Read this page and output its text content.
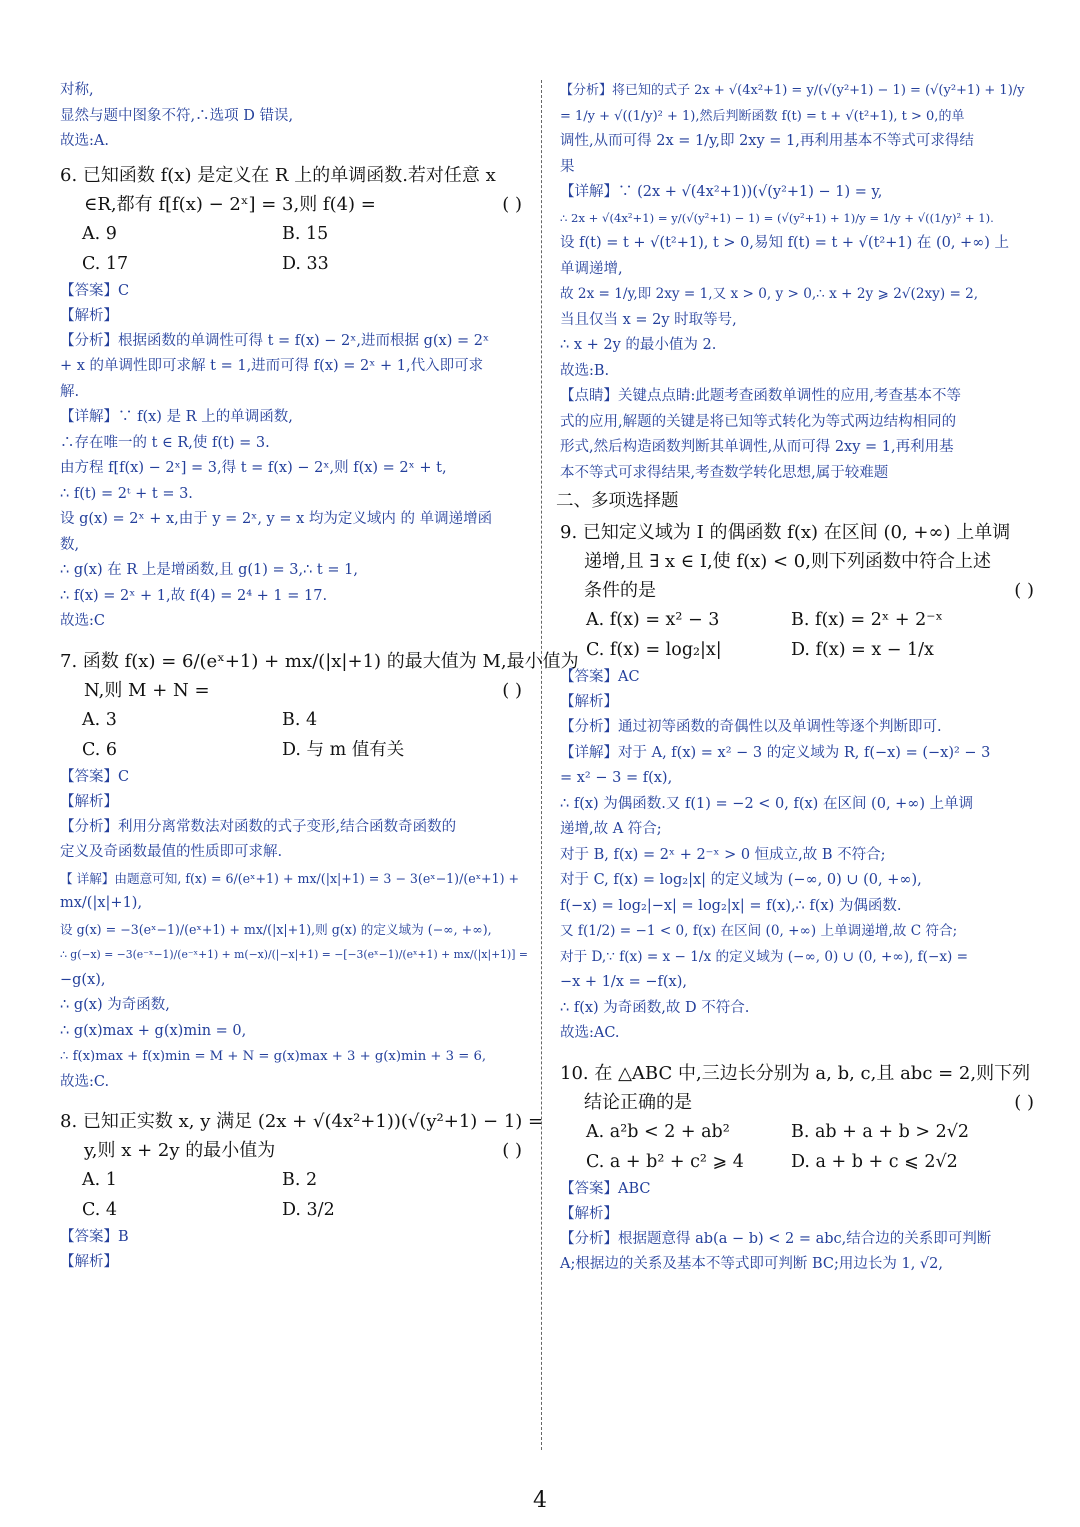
对称,
显然与题中图象不符,∴选项 D 错误,
故选:A.
6. 已知函数 f(x) 是定义在 R 上的单调函数.若对任意 x
∈R,都有 f[f(x) − 2ˣ] = 3,则 f(4) =	( )
A. 9	B. 15
C. 17	D. 33
【答案】C
【解析】
【分析】根据函数的单调性可得 t = f(x) − 2ˣ,进而根据 g(x) = 2ˣ
+ x 的单调性即可求解 t = 1,进而可得 f(x) = 2ˣ + 1,代入即可求
解.
【详解】∵ f(x) 是 R 上的单调函数,
∴存在唯一的 t ∈ R,使 f(t) = 3.
由方程 f[f(x) − 2ˣ] = 3,得 t = f(x) − 2ˣ,则 f(x) = 2ˣ + t,
∴ f(t) = 2ᵗ + t = 3.
设 g(x) = 2ˣ + x,由于 y = 2ˣ, y = x 均为定义域内 的 单调递增函
数,
∴ g(x) 在 R 上是增函数,且 g(1) = 3,∴ t = 1,
∴ f(x) = 2ˣ + 1,故 f(4) = 2⁴ + 1 = 17.
故选:C
7. 函数 f(x) = 6/(eˣ+1) + mx/(|x|+1) 的最大值为 M,最小值为
N,则 M + N =	( )
A. 3	B. 4
C. 6	D. 与 m 值有关
【答案】C
【解析】
【分析】利用分离常数法对函数的式子变形,结合函数奇函数的
定义及奇函数最值的性质即可求解.
【 详解】由题意可知, f(x) = 6/(eˣ+1) + mx/(|x|+1) = 3 − 3(eˣ−1)/(eˣ+1) +
mx/(|x|+1),
设 g(x) = −3(eˣ−1)/(eˣ+1) + mx/(|x|+1),则 g(x) 的定义域为 (−∞, +∞),
∴ g(−x) = −3(e⁻ˣ−1)/(e⁻ˣ+1) + m(−x)/(|−x|+1) = −[−3(eˣ−1)/(eˣ+1) + mx/(|x|+1)] =
−g(x),
∴ g(x) 为奇函数,
∴ g(x)max + g(x)min = 0,
∴ f(x)max + f(x)min = M + N = g(x)max + 3 + g(x)min + 3 = 6,
故选:C.
8. 已知正实数 x, y 满足 (2x + √(4x²+1))(√(y²+1) − 1) =
y,则 x + 2y 的最小值为	( )
A. 1	B. 2
C. 4	D. 3/2
【答案】B
【解析】
【分析】将已知的式子 2x + √(4x²+1) = y/(√(y²+1) − 1) = (√(y²+1) + 1)/y
= 1/y + √((1/y)² + 1),然后判断函数 f(t) = t + √(t²+1), t > 0,的单
调性,从而可得 2x = 1/y,即 2xy = 1,再利用基本不等式可求得结
果
【详解】∵ (2x + √(4x²+1))(√(y²+1) − 1) = y,
∴ 2x + √(4x²+1) = y/(√(y²+1) − 1) = (√(y²+1) + 1)/y = 1/y + √((1/y)² + 1).
设 f(t) = t + √(t²+1), t > 0,易知 f(t) = t + √(t²+1) 在 (0, +∞) 上
单调递增,
故 2x = 1/y,即 2xy = 1,又 x > 0, y > 0,∴ x + 2y ⩾ 2√(2xy) = 2,
当且仅当 x = 2y 时取等号,
∴ x + 2y 的最小值为 2.
故选:B.
【点睛】关键点点睛:此题考查函数单调性的应用,考查基本不等
式的应用,解题的关键是将已知等式转化为等式两边结构相同的
形式,然后构造函数判断其单调性,从而可得 2xy = 1,再利用基
本不等式可求得结果,考查数学转化思想,属于较难题
二、多项选择题
9. 已知定义域为 I 的偶函数 f(x) 在区间 (0, +∞) 上单调
递增,且 ∃ x ∈ I,使 f(x) < 0,则下列函数中符合上述
条件的是	( )
A. f(x) = x² − 3	B. f(x) = 2ˣ + 2⁻ˣ
C. f(x) = log₂|x|	D. f(x) = x − 1/x
【答案】AC
【解析】
【分析】通过初等函数的奇偶性以及单调性等逐个判断即可.
【详解】对于 A, f(x) = x² − 3 的定义域为 R, f(−x) = (−x)² − 3
= x² − 3 = f(x),
∴ f(x) 为偶函数.又 f(1) = −2 < 0, f(x) 在区间 (0, +∞) 上单调
递增,故 A 符合;
对于 B, f(x) = 2ˣ + 2⁻ˣ > 0 恒成立,故 B 不符合;
对于 C, f(x) = log₂|x| 的定义域为 (−∞, 0) ∪ (0, +∞),
f(−x) = log₂|−x| = log₂|x| = f(x),∴ f(x) 为偶函数.
又 f(1/2) = −1 < 0, f(x) 在区间 (0, +∞) 上单调递增,故 C 符合;
对于 D,∵ f(x) = x − 1/x 的定义域为 (−∞, 0) ∪ (0, +∞), f(−x) =
−x + 1/x = −f(x),
∴ f(x) 为奇函数,故 D 不符合.
故选:AC.
10. 在 △ABC 中,三边长分别为 a, b, c,且 abc = 2,则下列
结论正确的是	( )
A. a²b < 2 + ab²	B. ab + a + b > 2√2
C. a + b² + c² ⩾ 4	D. a + b + c ⩽ 2√2
【答案】ABC
【解析】
【分析】根据题意得 ab(a − b) < 2 = abc,结合边的关系即可判断
A;根据边的关系及基本不等式即可判断 BC;用边长为 1, √2,
4
